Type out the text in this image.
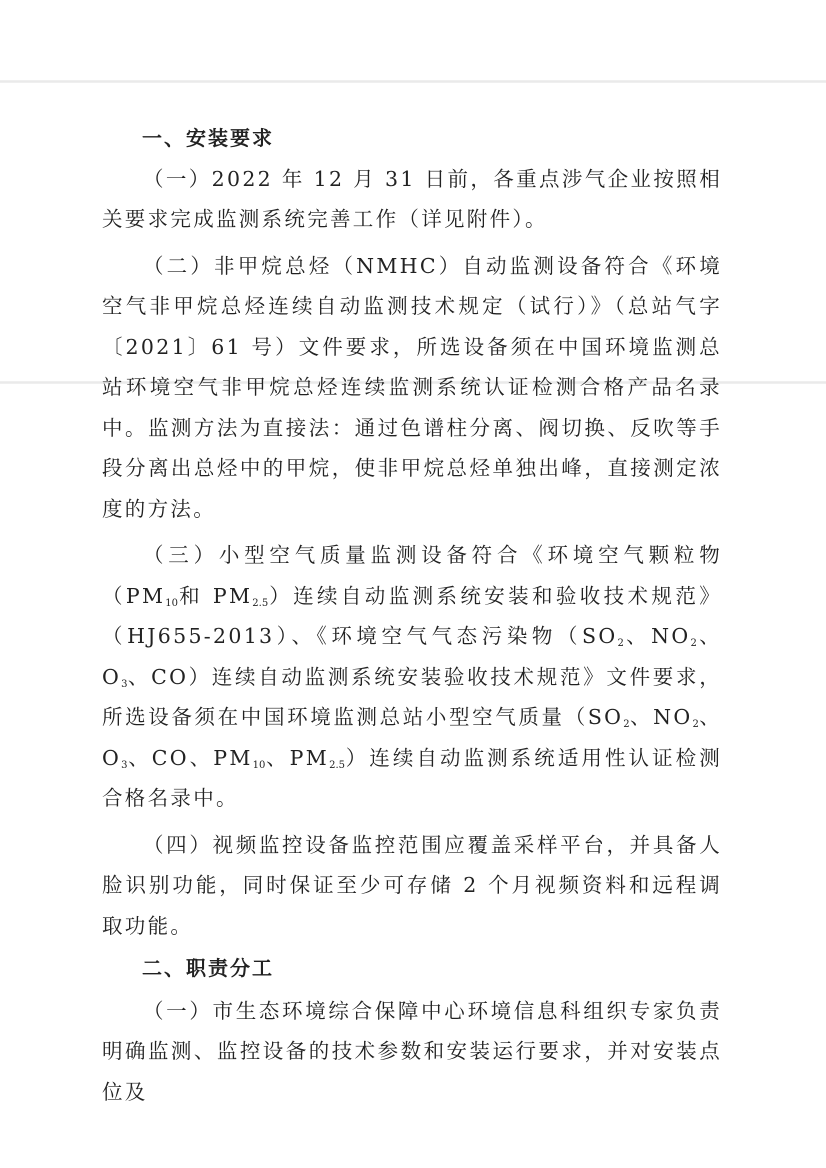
一、安装要求

（一）2022 年 12 月 31 日前，各重点涉气企业按照相关要求完成监测系统完善工作（详见附件）。

（二）非甲烷总烃（NMHC）自动监测设备符合《环境空气非甲烷总烃连续自动监测技术规定（试行）》（总站气字〔2021〕61 号）文件要求，所选设备须在中国环境监测总站环境空气非甲烷总烃连续监测系统认证检测合格产品名录中。监测方法为直接法：通过色谱柱分离、阀切换、反吹等手段分离出总烃中的甲烷，使非甲烷总烃单独出峰，直接测定浓度的方法。

（三）小型空气质量监测设备符合《环境空气颗粒物（$PM_{10}$和 $PM_{2.5}$）连续自动监测系统安装和验收技术规范》（HJ655-2013）、《环境空气气态污染物（$SO_2$、$NO_2$、$O_3$、CO）连续自动监测系统安装验收技术规范》文件要求，所选设备须在中国环境监测总站小型空气质量（$SO_2$、$NO_2$、$O_3$、CO、$PM_{10}$、$PM_{2.5}$）连续自动监测系统适用性认证检测合格名录中。

（四）视频监控设备监控范围应覆盖采样平台，并具备人脸识别功能，同时保证至少可存储 2 个月视频资料和远程调取功能。

二、职责分工

（一）市生态环境综合保障中心环境信息科组织专家负责明确监测、监控设备的技术参数和安装运行要求，并对安装点位及
